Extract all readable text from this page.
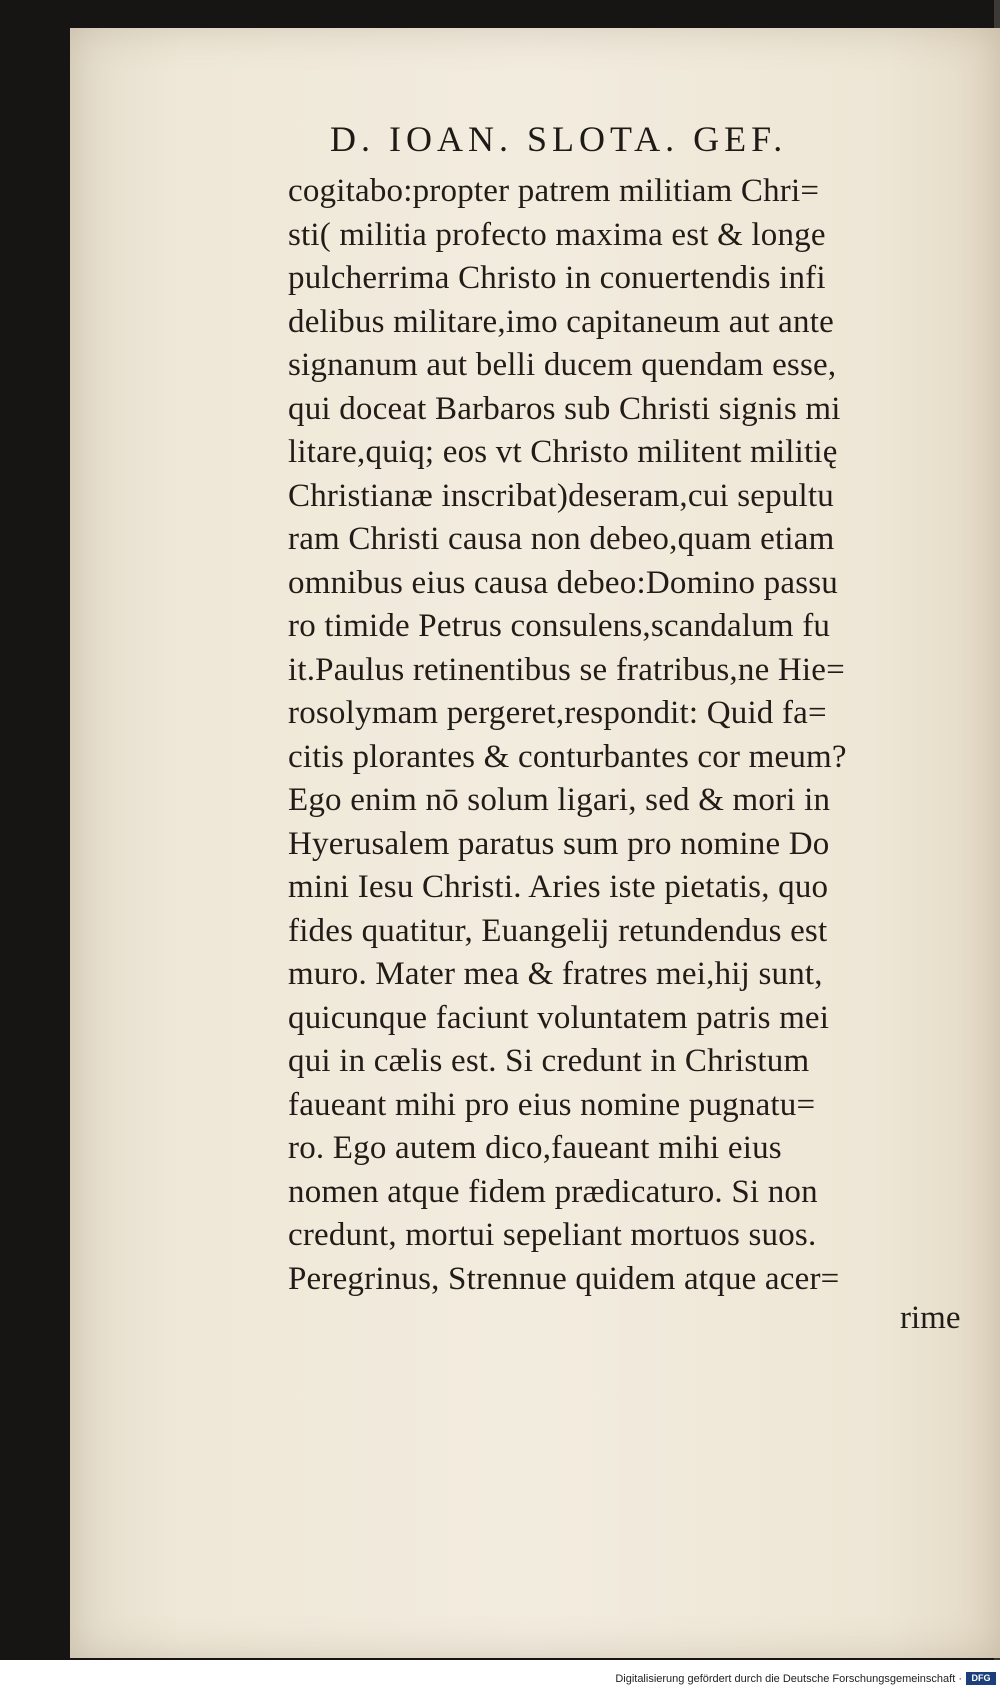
D. IOAN. SLOTA. GEF.
cogitabo:propter patrem militiam Chri=
sti( militia profecto maxima est & longe
pulcherrima Christo in conuertendis infi
delibus militare,imo capitaneum aut ante
signanum aut belli ducem quendam esse,
qui doceat Barbaros sub Christi signis mi
litare,quiq; eos vt Christo militent militię
Christianæ inscribat)deseram,cui sepultu
ram Christi causa non debeo,quam etiam
omnibus eius causa debeo:Domino passu
ro timide Petrus consulens,scandalum fu
it.Paulus retinentibus se fratribus,ne Hie=
rosolymam pergeret,respondit: Quid fa=
citis plorantes & conturbantes cor meum?
Ego enim nō solum ligari, sed & mori in
Hyerusalem paratus sum pro nomine Do
mini Iesu Christi. Aries iste pietatis, quo
fides quatitur, Euangelij retundendus est
muro. Mater mea & fratres mei,hij sunt,
quicunque faciunt voluntatem patris mei
qui in cælis est. Si credunt in Christum
faueant mihi pro eius nomine pugnatu=
ro. Ego autem dico,faueant mihi eius
nomen atque fidem prædicaturo. Si non
credunt, mortui sepeliant mortuos suos.
Peregrinus, Strennue quidem atque acer=
rime
Digitalisierung gefördert durch die Deutsche Forschungsgemeinschaft ·	DFG
